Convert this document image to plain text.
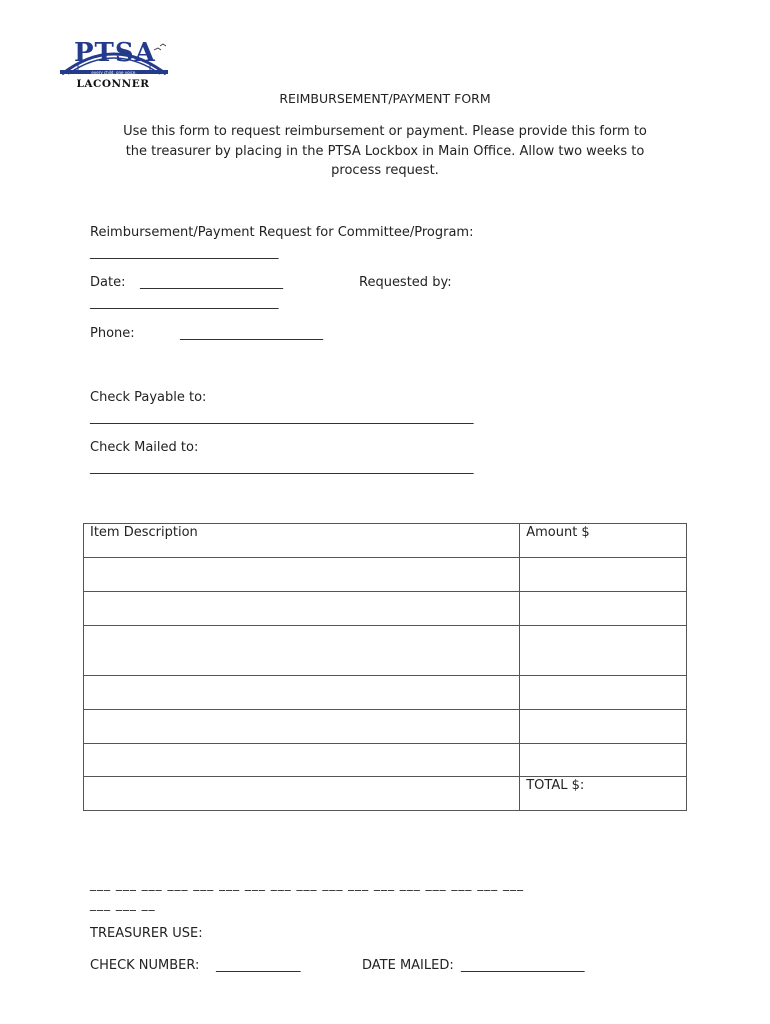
PTSA
every child. one voice.
LACONNER
REIMBURSEMENT/PAYMENT FORM
Use this form to request reimbursement or payment. Please provide this form to
the treasurer by placing in the PTSA Lockbox in Main Office. Allow two weeks to
process request.
Reimbursement/Payment Request for Committee/Program:
_____________________________
Date: ______________________	Requested by:
_____________________________
Phone:	______________________
Check Payable to:
___________________________________________________________
Check Mailed to:
___________________________________________________________
Item Description	Amount $

	TOTAL $:
___ ___ ___ ___ ___ ___ ___ ___ ___ ___ ___ ___ ___ ___ ___ ___ ___
___ ___ __
TREASURER USE:
CHECK NUMBER: _____________	DATE MAILED: ___________________
